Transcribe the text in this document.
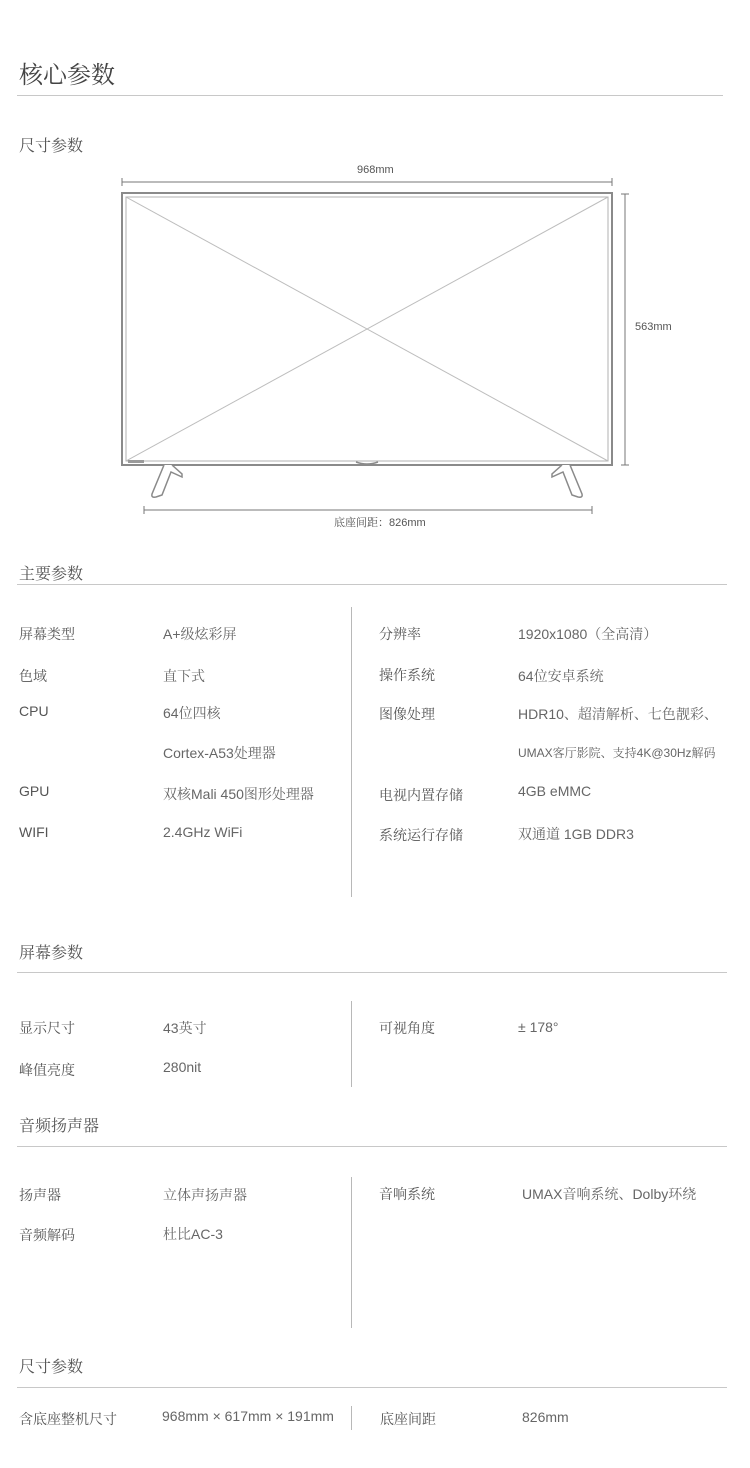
核心参数
尺寸参数
968mm
563mm
底座间距：826mm
主要参数
屏幕类型	A+级炫彩屏
色域	直下式
CPU	64位四核
Cortex-A53处理器
GPU	双核Mali 450图形处理器
WIFI	2.4GHz WiFi
分辨率	1920x1080（全高清）
操作系统	64位安卓系统
图像处理	HDR10、超清解析、七色靓彩、
UMAX客厅影院、支持4K@30Hz解码
电视内置存储	4GB eMMC
系统运行存储	双通道 1GB DDR3
屏幕参数
显示尺寸	43英寸
峰值亮度	280nit
可视角度	± 178°
音频扬声器
扬声器	立体声扬声器
音频解码	杜比AC-3
音响系统	UMAX音响系统、Dolby环绕
尺寸参数
含底座整机尺寸	968mm × 617mm × 191mm	底座间距	826mm
